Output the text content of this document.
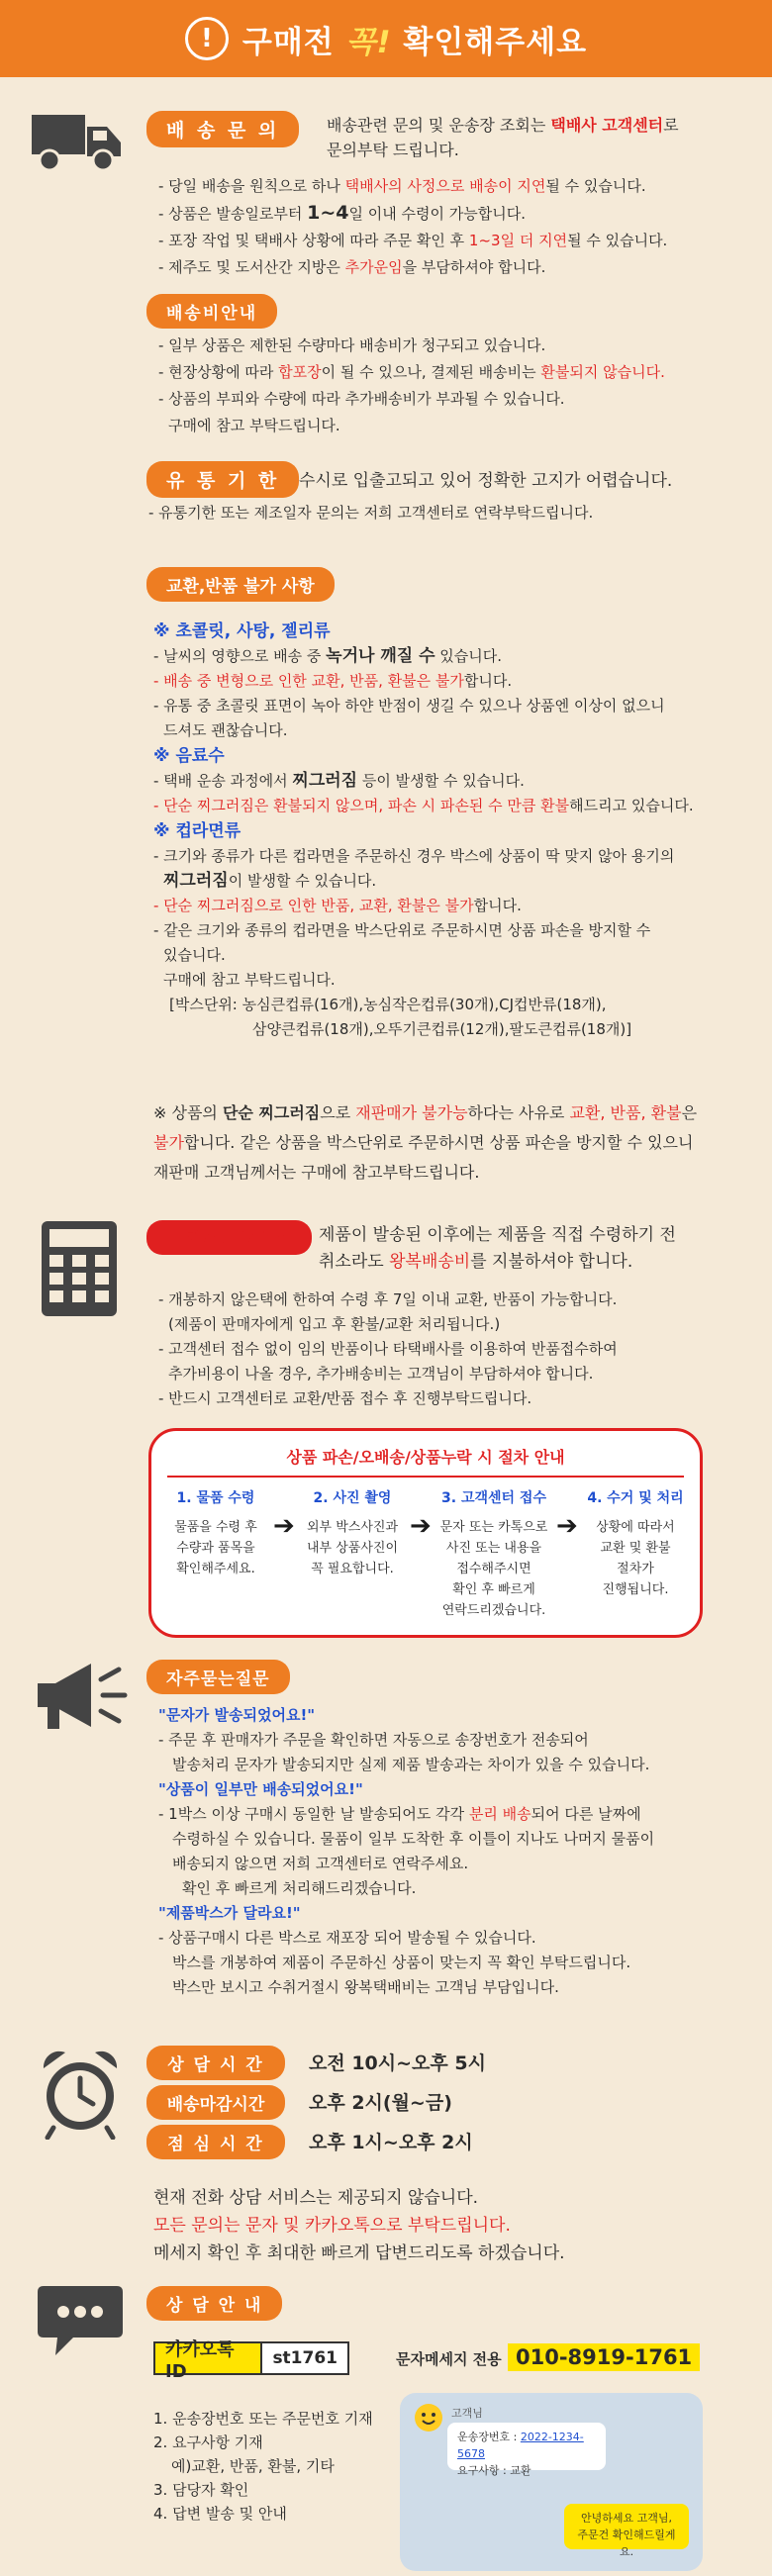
! 구매전 꼭! 확인해주세요
배 송 문 의	배송관련 문의 및 운송장 조회는 택배사 고객센터로
문의부탁 드립니다.
- 당일 배송을 원칙으로 하나 택배사의 사정으로 배송이 지연될 수 있습니다.
- 상품은 발송일로부터 1~4일 이내 수령이 가능합니다.
- 포장 작업 및 택배사 상황에 따라 주문 확인 후 1~3일 더 지연될 수 있습니다.
- 제주도 및 도서산간 지방은 추가운임을 부담하셔야 합니다.
배송비안내
- 일부 상품은 제한된 수량마다 배송비가 청구되고 있습니다.
- 현장상황에 따라 합포장이 될 수 있으나, 결제된 배송비는 환불되지 않습니다.
- 상품의 부피와 수량에 따라 추가배송비가 부과될 수 있습니다.
구매에 참고 부탁드립니다.
유 통 기 한	수시로 입출고되고 있어 정확한 고지가 어렵습니다.
- 유통기한 또는 제조일자 문의는 저희 고객센터로 연락부탁드립니다.
교환,반품 불가 사항
※ 초콜릿, 사탕, 젤리류
- 날씨의 영향으로 배송 중 녹거나 깨질 수 있습니다.
- 배송 중 변형으로 인한 교환, 반품, 환불은 불가합니다.
- 유통 중 초콜릿 표면이 녹아 하얀 반점이 생길 수 있으나 상품엔 이상이 없으니
드셔도 괜찮습니다.
※ 음료수
- 택배 운송 과정에서 찌그러짐 등이 발생할 수 있습니다.
- 단순 찌그러짐은 환불되지 않으며, 파손 시 파손된 수 만큼 환불해드리고 있습니다.
※ 컵라면류
- 크기와 종류가 다른 컵라면을 주문하신 경우 박스에 상품이 딱 맞지 않아 용기의
찌그러짐이 발생할 수 있습니다.
- 단순 찌그러짐으로 인한 반품, 교환, 환불은 불가합니다.
- 같은 크기와 종류의 컵라면을 박스단위로 주문하시면 상품 파손을 방지할 수
있습니다.
구매에 참고 부탁드립니다.
[박스단위: 농심큰컵류(16개),농심작은컵류(30개),CJ컵반류(18개),
삼양큰컵류(18개),오뚜기큰컵류(12개),팔도큰컵류(18개)]
※ 상품의 단순 찌그러짐으로 재판매가 불가능하다는 사유로 교환, 반품, 환불은
불가합니다. 같은 상품을 박스단위로 주문하시면 상품 파손을 방지할 수 있으니
재판매 고객님께서는 구매에 참고부탁드립니다.
교환/반품/취소	제품이 발송된 이후에는 제품을 직접 수령하기 전
취소라도 왕복배송비를 지불하셔야 합니다.
- 개봉하지 않은택에 한하여 수령 후 7일 이내 교환, 반품이 가능합니다.
(제품이 판매자에게 입고 후 환불/교환 처리됩니다.)
- 고객센터 접수 없이 임의 반품이나 타택배사를 이용하여 반품접수하여
추가비용이 나올 경우, 추가배송비는 고객님이 부담하셔야 합니다.
- 반드시 고객센터로 교환/반품 접수 후 진행부탁드립니다.
상품 파손/오배송/상품누락 시 절차 안내
1. 물품 수령
물품을 수령 후
수량과 품목을
확인해주세요.
➔
2. 사진 촬영
외부 박스사진과
내부 상품사진이
꼭 필요합니다.
➔
3. 고객센터 접수
문자 또는 카톡으로
사진 또는 내용을
접수해주시면
확인 후 빠르게
연락드리겠습니다.
➔
4. 수거 및 처리
상황에 따라서
교환 및 환불
절차가
진행됩니다.
자주묻는질문
"문자가 발송되었어요!"
- 주문 후 판매자가 주문을 확인하면 자동으로 송장번호가 전송되어
발송처리 문자가 발송되지만 실제 제품 발송과는 차이가 있을 수 있습니다.
"상품이 일부만 배송되었어요!"
- 1박스 이상 구매시 동일한 날 발송되어도 각각 분리 배송되어 다른 날짜에
수령하실 수 있습니다. 물품이 일부 도착한 후 이틀이 지나도 나머지 물품이
배송되지 않으면 저희 고객센터로 연락주세요.
확인 후 빠르게 처리해드리겠습니다.
"제품박스가 달라요!"
- 상품구매시 다른 박스로 재포장 되어 발송될 수 있습니다.
박스를 개봉하여 제품이 주문하신 상품이 맞는지 꼭 확인 부탁드립니다.
박스만 보시고 수취거절시 왕복택배비는 고객님 부담입니다.
상 담 시 간	오전 10시~오후 5시
배송마감시간	오후 2시(월~금)
점 심 시 간	오후 1시~오후 2시
현재 전화 상담 서비스는 제공되지 않습니다.
모든 문의는 문자 및 카카오톡으로 부탁드립니다.
메세지 확인 후 최대한 빠르게 답변드리도록 하겠습니다.
상 담 안 내
카카오톡 ID
st1761	문자메세지 전용 010-8919-1761
1. 운송장번호 또는 주문번호 기재
2. 요구사항 기재
예)교환, 반품, 환불, 기타
3. 담당자 확인
4. 답변 발송 및 안내
고객님
운송장번호 : 2022-1234-5678
요구사항 : 교환
안녕하세요 고객님,
주문건 확인해드릴게요.
